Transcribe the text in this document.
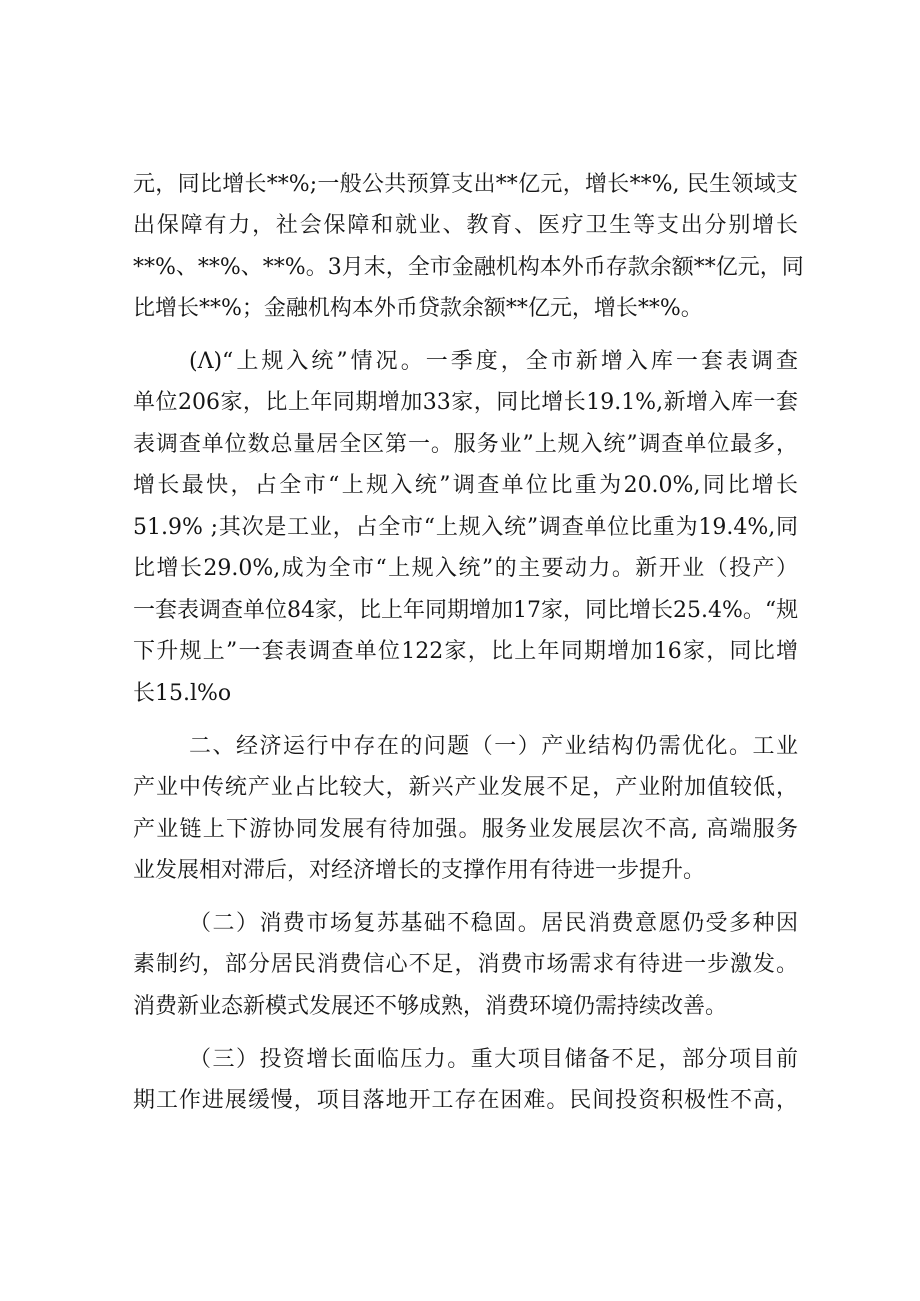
元，同比增长**%;一般公共预算支出**亿元，增长**%, 民生领域支
出保障有力，社会保障和就业、教育、医疗卫生等支出分别增长
**%、**%、**%。3月末，全市金融机构本外币存款余额**亿元，同
比增长**%；金融机构本外币贷款余额**亿元，增长**%。
(Λ)“上规入统”情况。一季度，全市新增入库一套表调查
单位206家，比上年同期增加33家，同比增长19.1%,新增入库一套
表调查单位数总量居全区第一。服务业”上规入统”调查单位最多，
增长最快，占全市“上规入统”调查单位比重为20.0%,同比增长
51.9% ;其次是工业，占全市“上规入统”调查单位比重为19.4%,同
比增长29.0%,成为全市“上规入统”的主要动力。新开业（投产）
一套表调查单位84家，比上年同期增加17家，同比增长25.4%。“规
下升规上”一套表调查单位122家，比上年同期增加16家，同比增
长15.l%o
二、经济运行中存在的问题（一）产业结构仍需优化。工业
产业中传统产业占比较大，新兴产业发展不足，产业附加值较低，
产业链上下游协同发展有待加强。服务业发展层次不高, 高端服务
业发展相对滞后，对经济增长的支撑作用有待进一步提升。
（二）消费市场复苏基础不稳固。居民消费意愿仍受多种因
素制约，部分居民消费信心不足，消费市场需求有待进一步激发。
消费新业态新模式发展还不够成熟，消费环境仍需持续改善。
（三）投资增长面临压力。重大项目储备不足，部分项目前
期工作进展缓慢，项目落地开工存在困难。民间投资积极性不高，
